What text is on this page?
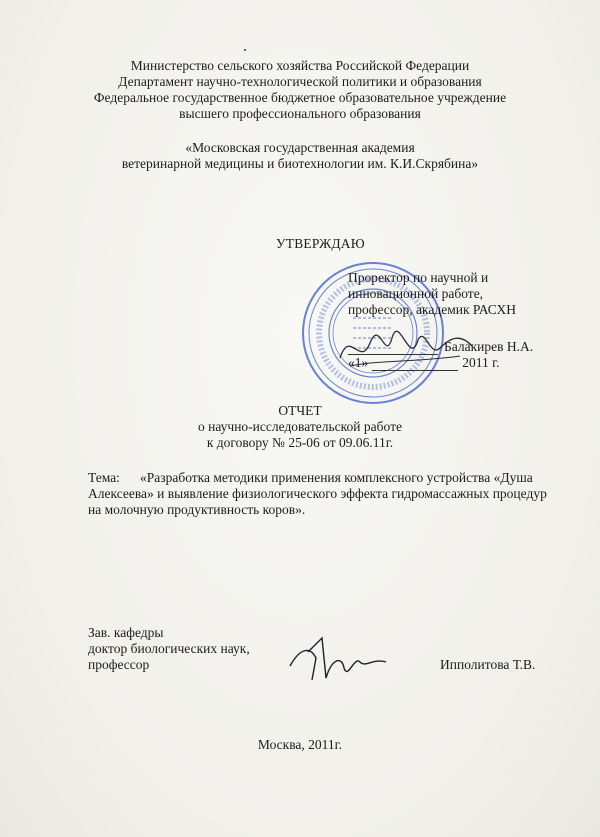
Министерство сельского хозяйства Российской Федерации
Департамент научно-технологической политики и образования
Федеральное государственное бюджетное образовательное учреждение
высшего профессионального образования
«Московская государственная академия
ветеринарной медицины и биотехнологии им. К.И.Скрябина»
УТВЕРЖДАЮ
Проректор по научной и
инновационной работе,
профессор, академик РАСХН
Балакирев Н.А.
«1»	2011 г.
ОТЧЕТ
о научно-исследовательской работе
к договору № 25-06 от 09.06.11г.
Тема: «Разработка методики применения комплексного устройства «Душа Алексеева» и выявление физиологического эффекта гидромассажных процедур на молочную продуктивность коров».
Зав. кафедры
доктор биологических наук,
профессор	Ипполитова Т.В.
Москва, 2011г.
